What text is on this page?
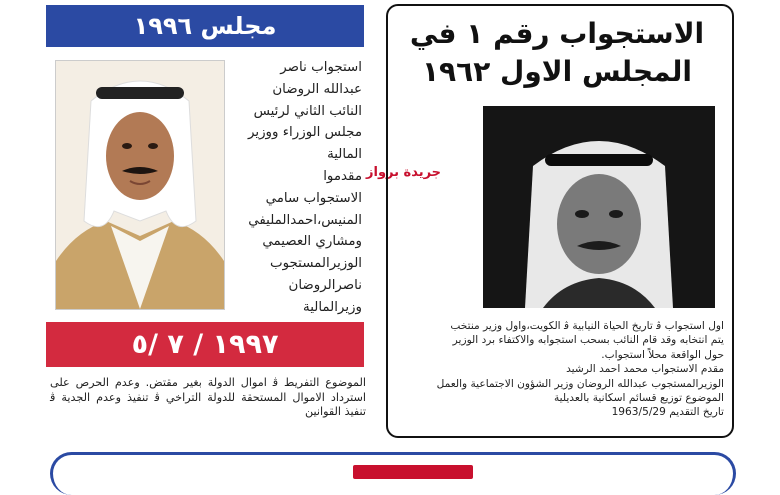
مجلس ١٩٩٦
استجواب ناصر
عبدالله الروضان
النائب الثاني لرئيس
مجلس الوزراء ووزير
المالية
مقدموا
الاستجواب سامي
المنيس،احمدالمليفي
ومشاري العصيمي
الوزيرالمستجوب
ناصرالروضان
وزيرالمالية
جريدة برواز
١٩٩٧ / ٧ /٥
الموضوع التفريط ﭬ اموال الدولة بغير مقتض. وعدم الحرص على استرداد الاموال المستحقة للدولة التراخي ﭬ تنفيذ وعدم الجدية ﭬ تنفيذ القوانين
الاستجواب رقم ١ في
المجلس الاول ١٩٦٢
اول استجواب ﭬ تاريخ الحياة النيابية ﭬ الكويت،واول وزير منتخب
يتم انتخابه وقد قام النائب بسحب استجوابه والاكتفاء برد الوزير
حول الواقعة محلاً استجواب.
مقدم الاستجواب محمد احمد الرشيد
الوزيرالمستجوب عبدالله الروضان وزير الشؤون الاجتماعية والعمل
الموضوع توزيع قسائم اسكانية بالعديلية
تاريخ التقديم 1963/5/29
